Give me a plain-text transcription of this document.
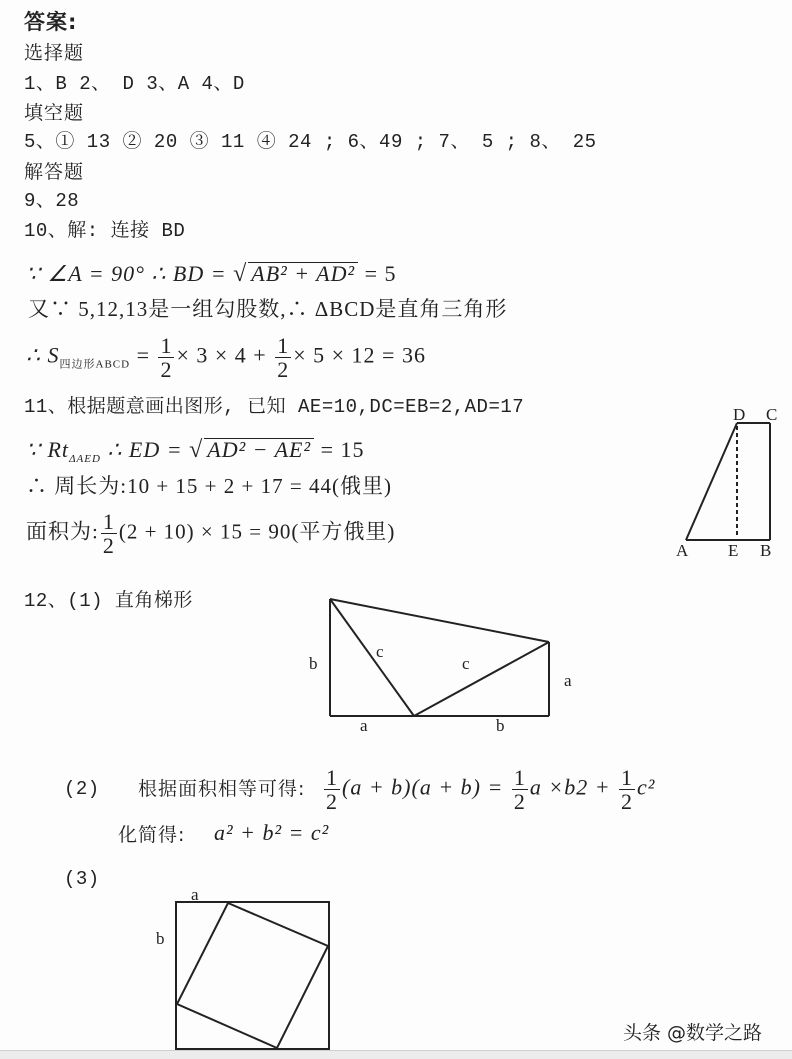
答案:
选择题
1、B 2、 D 3、A 4、D
填空题
5、① 13 ② 20 ③ 11 ④ 24 ; 6、49 ; 7、 5 ; 8、 25
解答题
9、28
10、解: 连接 BD
∵ ∠A = 90° ∴ BD = √ AB² + AD² = 5
又∵ 5,12,13是一组勾股数,∴ ΔBCD是直角三角形
∴ $S_{四边形ABCD} = \frac{1}{2} \times 3 \times 4 + \frac{1}{2} \times 5 \times 12 = 36$
11、根据题意画出图形, 已知 AE=10,DC=EB=2,AD=17
∵ $Rt_{\Delta AED}$ ∴ ED = √ AD² − AE² = 15
∴ 周长为:10 + 15 + 2 + 17 = 44(俄里)
面积为: $\frac{1}{2} (2 + 10) \times 15 = 90$(平方俄里)
A E B
D C
12、(1) 直角梯形
b
c
c
a
a	b
(2) 根据面积相等可得: $\frac{1}{2} (a + b)(a + b) = \frac{1}{2}$ $a \times b2 + \frac{1}{2} c^2$
化简得: a² + b² = c²
(3)
a
b
头条 @数学之路
